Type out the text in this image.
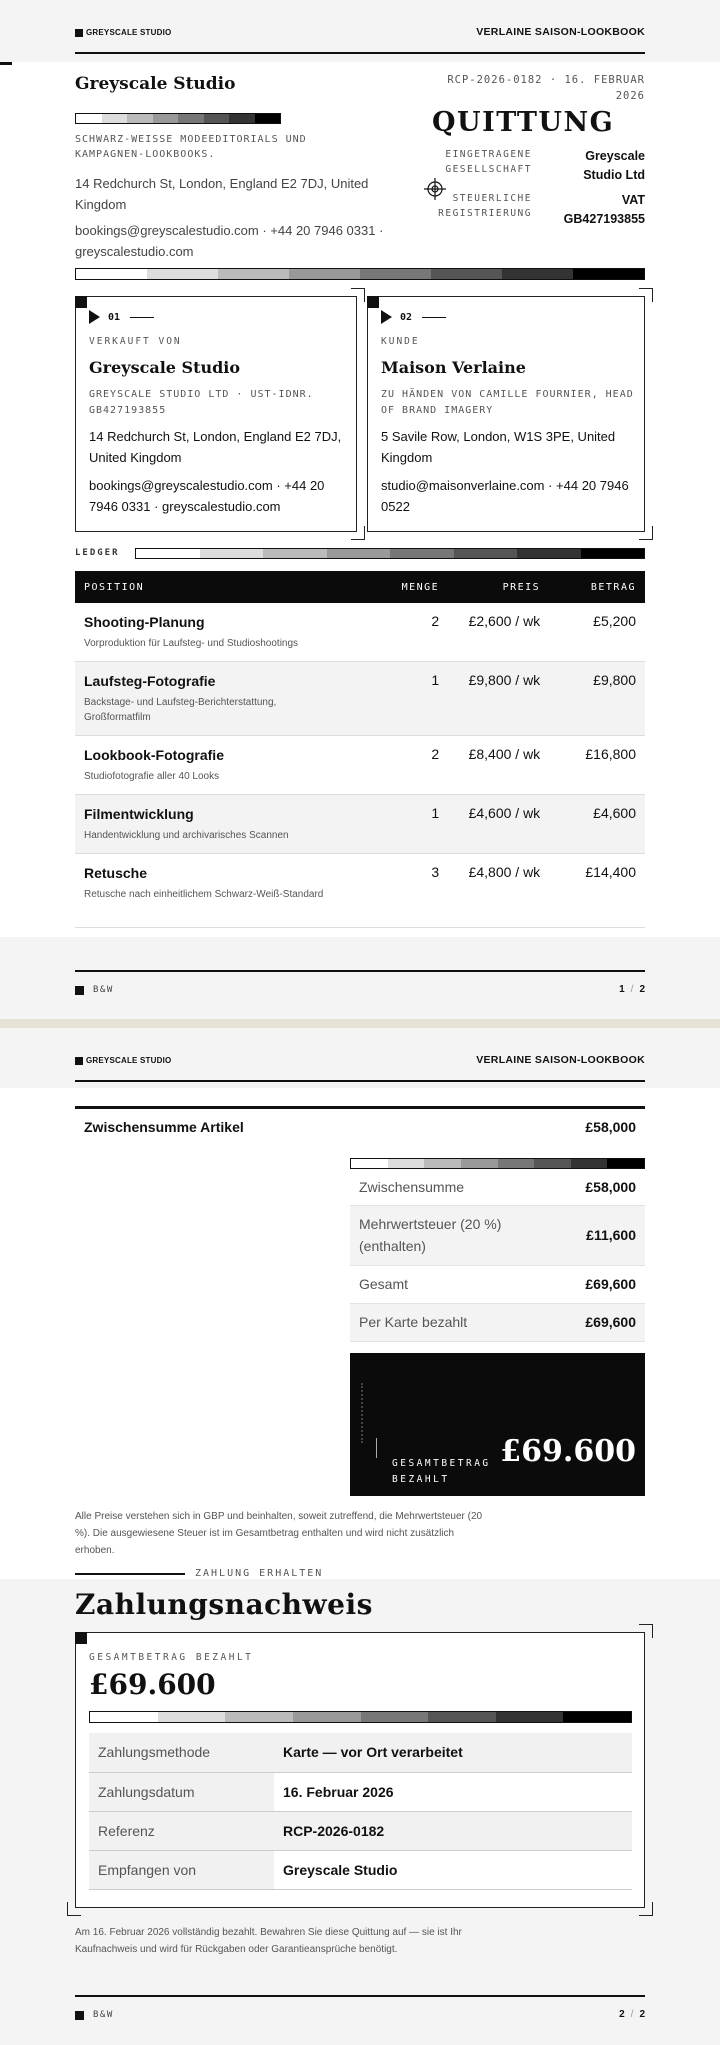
GREYSCALE STUDIO	VERLAINE SAISON-LOOKBOOK
Greyscale Studio
SCHWARZ-WEISSE MODEEDITORIALS UND KAMPAGNEN-LOOKBOOKS.
14 Redchurch St, London, England E2 7DJ, United Kingdom
bookings@greyscalestudio.com · +44 20 7946 0331 · greyscalestudio.com
RCP-2026-0182 · 16. FEBRUAR 2026
QUITTUNG
EINGETRAGENE GESELLSCHAFT
Greyscale Studio Ltd
STEUERLICHE REGISTRIERUNG
VAT GB427193855
01
VERKAUFT VON
Greyscale Studio
GREYSCALE STUDIO LTD · UST-IDNR. GB427193855
14 Redchurch St, London, England E2 7DJ, United Kingdom
bookings@greyscalestudio.com · +44 20 7946 0331 · greyscalestudio.com
02
KUNDE
Maison Verlaine
ZU HÄNDEN VON CAMILLE FOURNIER, HEAD OF BRAND IMAGERY
5 Savile Row, London, W1S 3PE, United Kingdom
studio@maisonverlaine.com · +44 20 7946 0522
LEDGER
POSITION	MENGE	PREIS	BETRAG

Shooting-Planung
Vorproduktion für Laufsteg- und Studioshootings	2	£2,600 / wk	£5,200

Laufsteg-Fotografie
Backstage- und Laufsteg-Berichterstattung, Großformatfilm	1	£9,800 / wk	£9,800

Lookbook-Fotografie
Studiofotografie aller 40 Looks	2	£8,400 / wk	£16,800

Filmentwicklung
Handentwicklung und archivarisches Scannen	1	£4,600 / wk	£4,600

Retusche
Retusche nach einheitlichem Schwarz-Weiß-Standard	3	£4,800 / wk	£14,400
B&W	1 / 2
GREYSCALE STUDIO	VERLAINE SAISON-LOOKBOOK
Zwischensumme Artikel	£58,000
Zwischensumme	£58,000
Mehrwertsteuer (20 %) (enthalten)	£11,600
Gesamt	£69,600
Per Karte bezahlt	£69,600
GESAMTBETRAG BEZAHLT
£69.600
Alle Preise verstehen sich in GBP und beinhalten, soweit zutreffend, die Mehrwertsteuer (20 %). Die ausgewiesene Steuer ist im Gesamtbetrag enthalten und wird nicht zusätzlich erhoben.
ZAHLUNG ERHALTEN
Zahlungsnachweis
GESAMTBETRAG BEZAHLT
£69.600
Zahlungsmethode	Karte — vor Ort verarbeitet
Zahlungsdatum	16. Februar 2026
Referenz	RCP-2026-0182
Empfangen von	Greyscale Studio
Am 16. Februar 2026 vollständig bezahlt. Bewahren Sie diese Quittung auf — sie ist Ihr Kaufnachweis und wird für Rückgaben oder Garantieansprüche benötigt.
B&W	2 / 2
